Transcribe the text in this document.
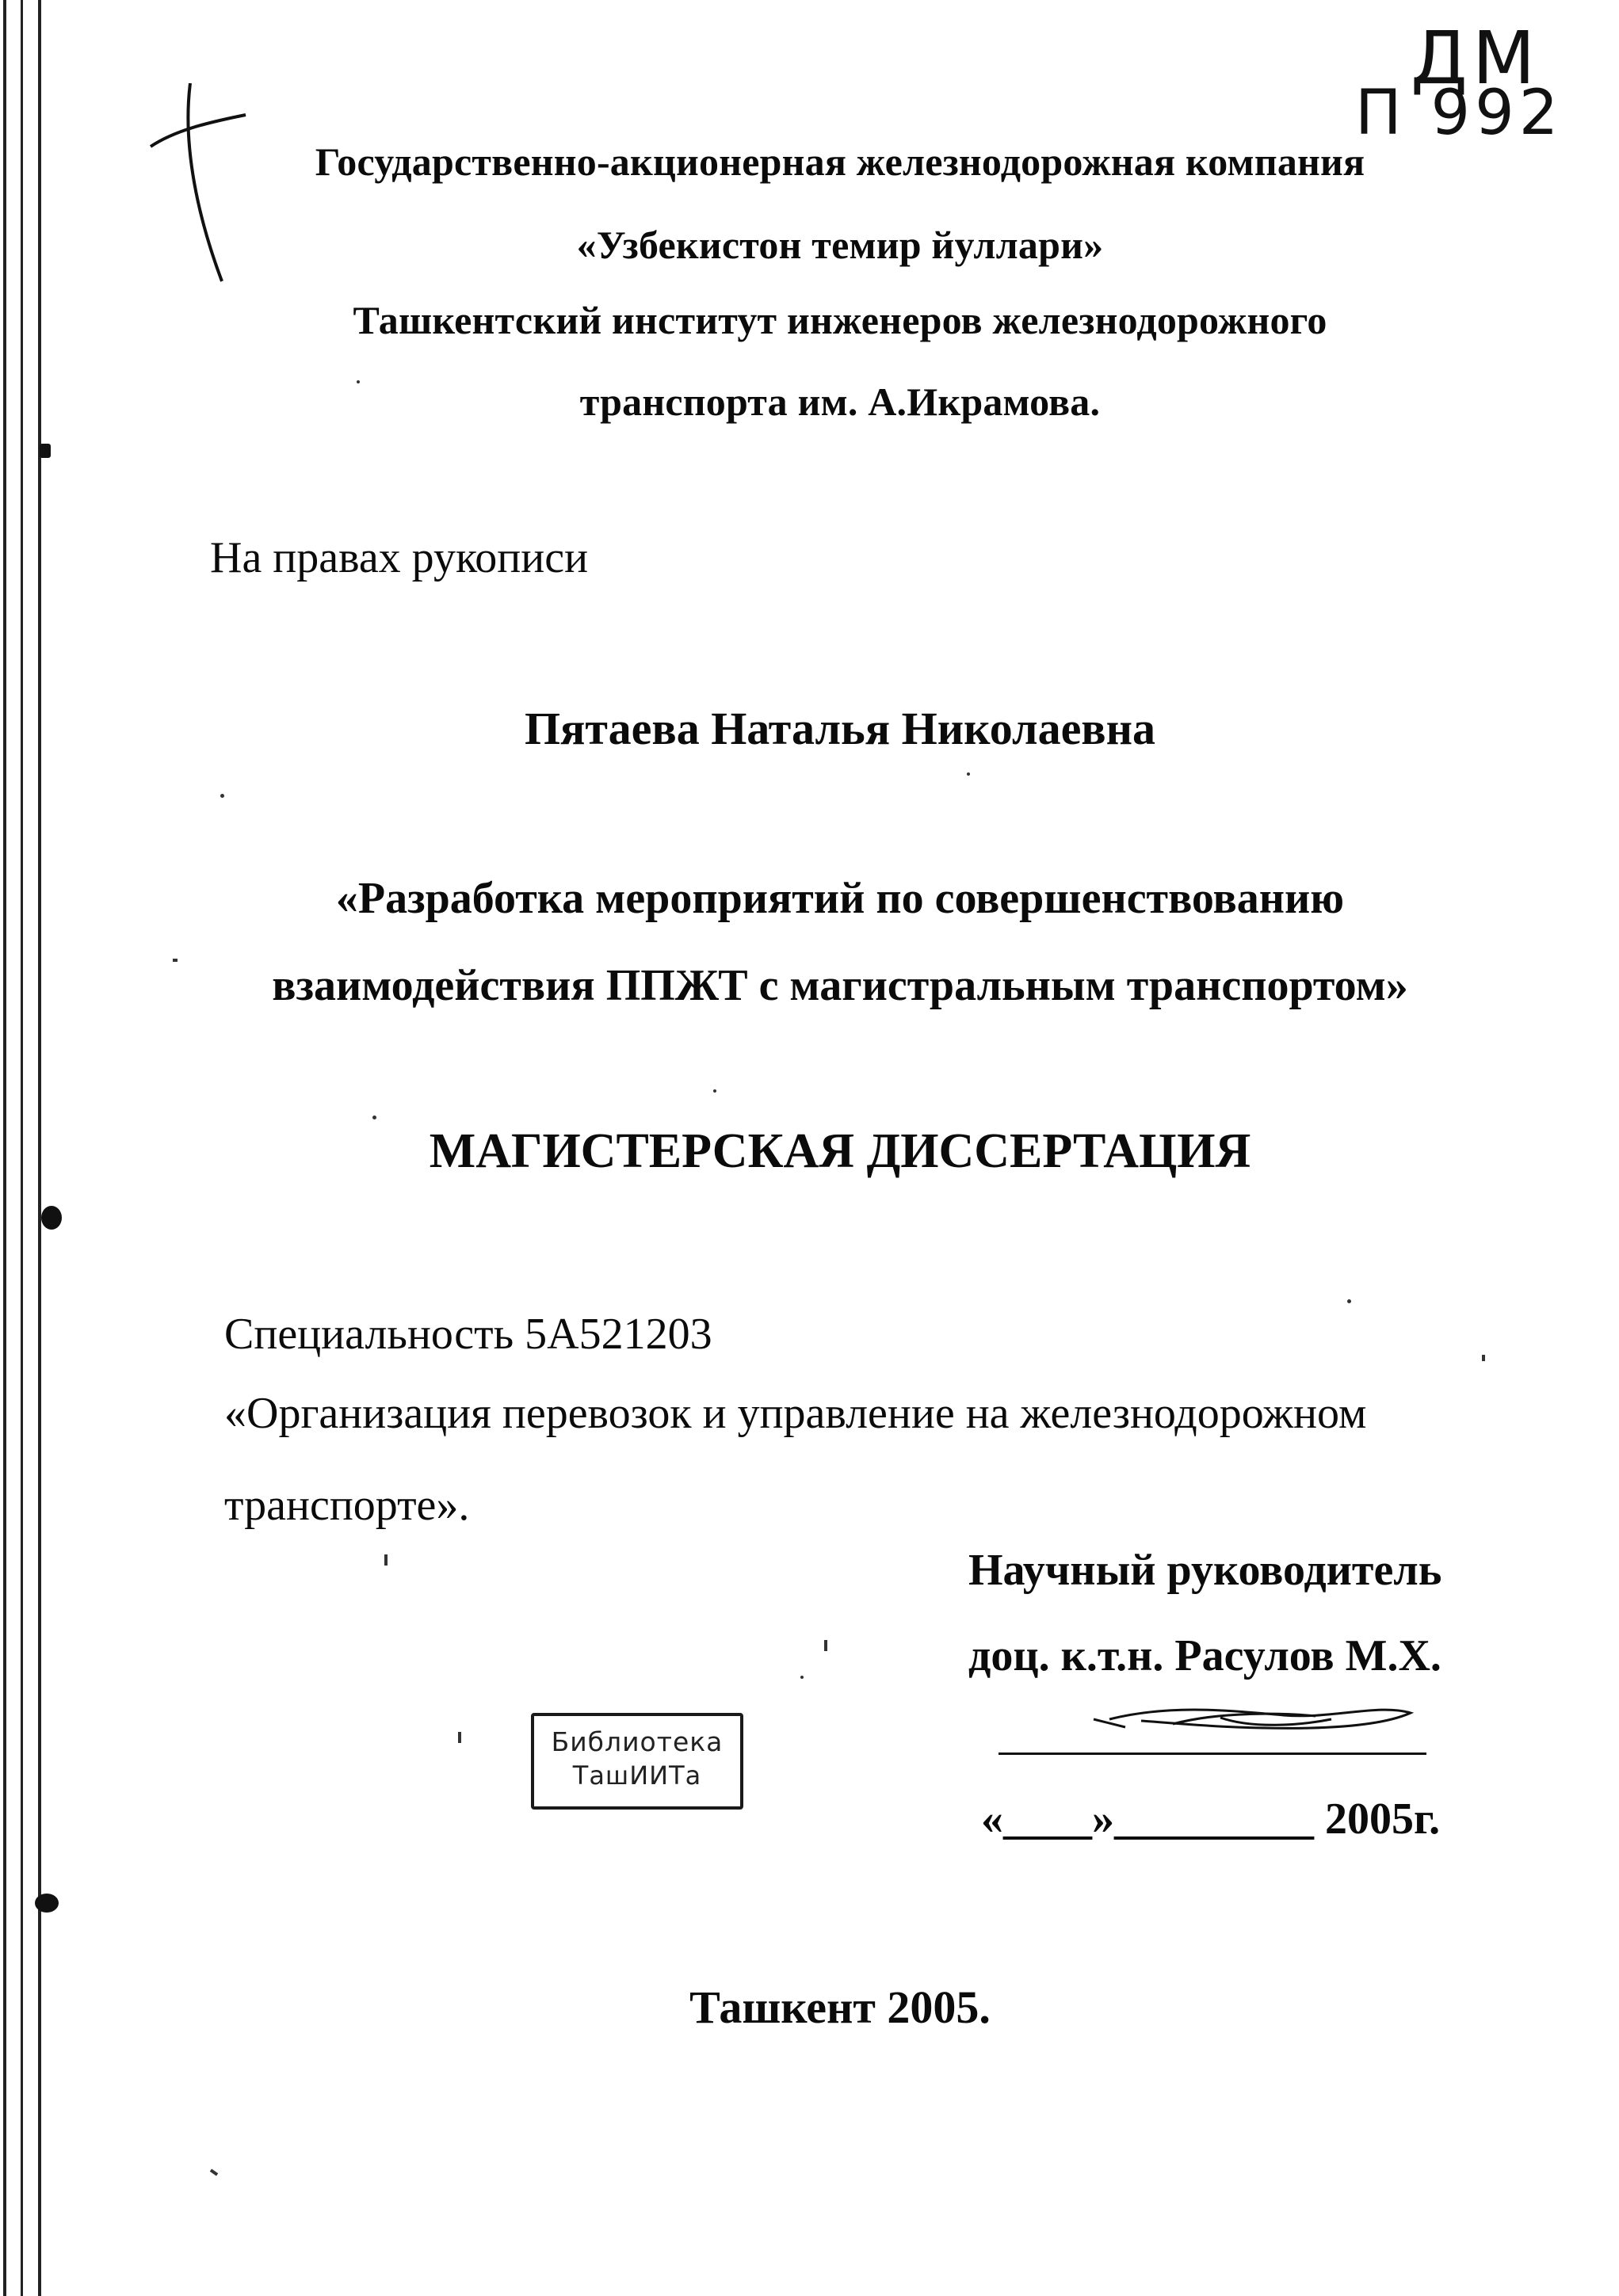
ДМ
П 992
Государственно-акционерная железнодорожная компания
«Узбекистон темир йуллари»
Ташкентский институт инженеров железнодорожного
транспорта им. А.Икрамова.
На правах рукописи
Пятаева Наталья Николаевна
«Разработка мероприятий по совершенствованию
взаимодействия ППЖТ с магистральным транспортом»
МАГИСТЕРСКАЯ ДИССЕРТАЦИЯ
Специальность 5А521203
«Организация перевозок и управление на железнодорожном
транспорте».
Научный руководитель
доц. к.т.н. Расулов М.Х.
«____»_________ 2005г.
Библиотека
ТашИИТа
Ташкент 2005.
